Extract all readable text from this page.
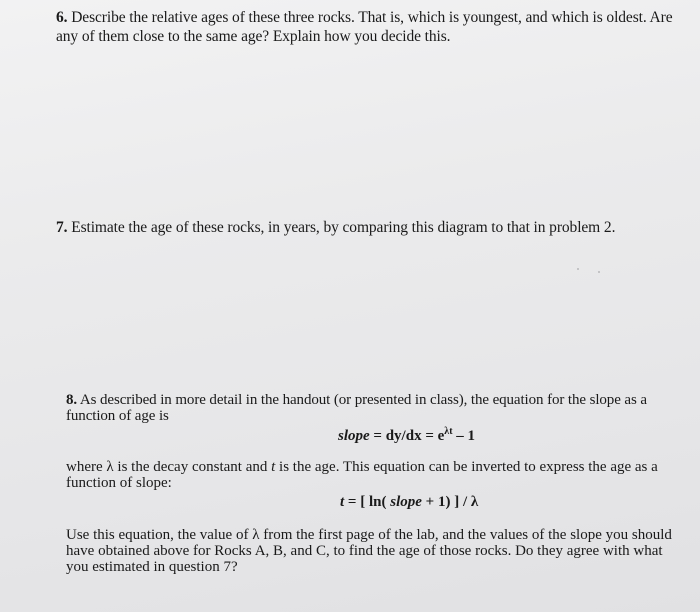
6. Describe the relative ages of these three rocks. That is, which is youngest, and which is oldest. Are any of them close to the same age? Explain how you decide this.
7. Estimate the age of these rocks, in years, by comparing this diagram to that in problem 2.
8. As described in more detail in the handout (or presented in class), the equation for the slope as a function of age is
slope = $dy/dx = e^{\lambda t} - 1$
where λ is the decay constant and t is the age. This equation can be inverted to express the age as a function of slope:
t = [ ln( slope + 1) ] / λ
Use this equation, the value of λ from the first page of the lab, and the values of the slope you should have obtained above for Rocks A, B, and C, to find the age of those rocks. Do they agree with what you estimated in question 7?
